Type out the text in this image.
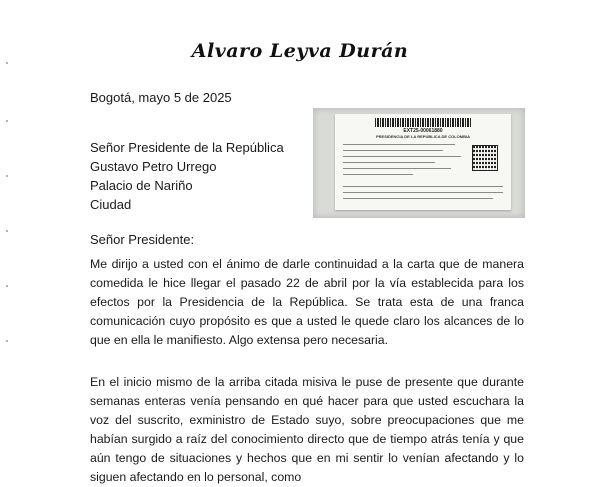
Alvaro Leyva Durán
Bogotá, mayo 5 de 2025
Señor Presidente de la República
Gustavo Petro Urrego
Palacio de Nariño
Ciudad
EXT25-00061880
PRESIDENCIA DE LA REPÚBLICA DE COLOMBIA
Señor Presidente:

Me dirijo a usted con el ánimo de darle continuidad a la carta que de manera comedida le hice llegar el pasado 22 de abril por la vía establecida para los efectos por la Presidencia de la República. Se trata esta de una franca comunicación cuyo propósito es que a usted le quede claro los alcances de lo que en ella le manifiesto. Algo extensa pero necesaria.

En el inicio mismo de la arriba citada misiva le puse de presente que durante semanas enteras venía pensando en qué hacer para que usted escuchara la voz del suscrito, exministro de Estado suyo, sobre preocupaciones que me habían surgido a raíz del conocimiento directo que de tiempo atrás tenía y que aún tengo de situaciones y hechos que en mi sentir lo venían afectando y lo siguen afectando en lo personal, como
